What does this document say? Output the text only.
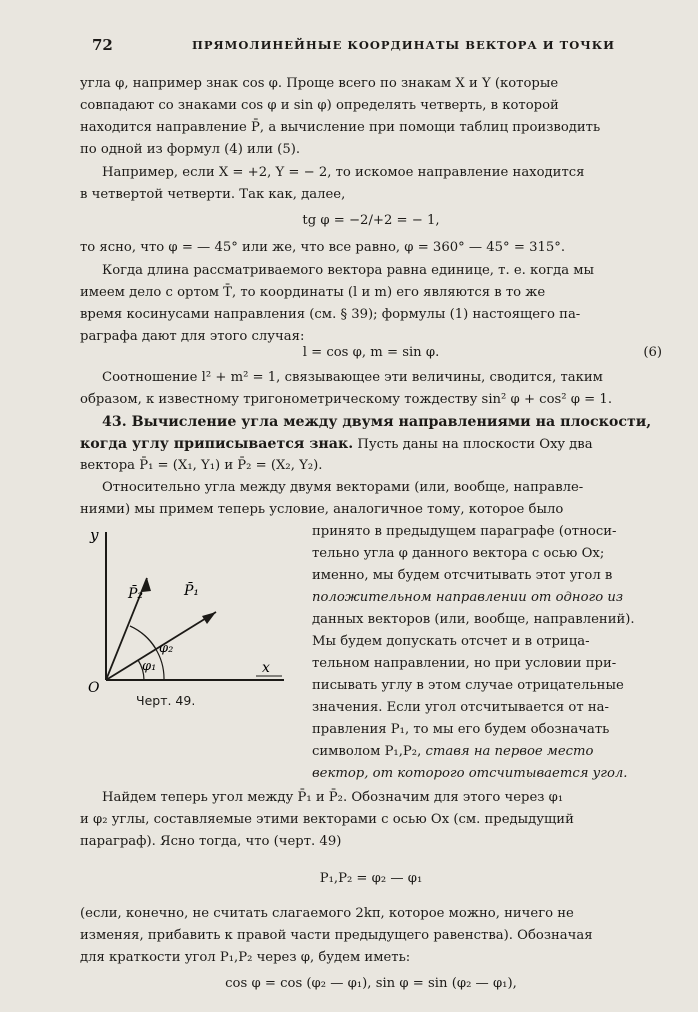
72	ПРЯМОЛИНЕЙНЫЕ КООРДИНАТЫ ВЕКТОРА И ТОЧКИ
угла φ, например знак cos φ. Проще всего по знакам X и Y (которые
совпадают со знаками cos φ и sin φ) определять четверть, в которой
находится направление P̄, а вычисление при помощи таблиц производить
по одной из формул (4) или (5).
Например, если X = +2, Y = − 2, то искомое направление находится
в четвертой четверти. Так как, далее,
tg φ = −2/+2 = − 1,
то ясно, что φ = — 45° или же, что все равно, φ = 360° — 45° = 315°.
Когда длина рассматриваемого вектора равна единице, т. е. когда мы
имеем дело с ортом T̄, то координаты (l и m) его являются в то же
время косинусами направления (см. § 39); формулы (1) настоящего па-
раграфа дают для этого случая:
l = cos φ, m = sin φ.	(6)
Соотношение l² + m² = 1, связывающее эти величины, сводится, таким
образом, к известному тригонометрическому тождеству sin² φ + cos² φ = 1.
43. Вычисление угла между двумя направлениями на плоскости,
когда углу приписывается знак. Пусть даны на плоскости Oxy два
вектора P̄₁ = (X₁, Y₁) и P̄₂ = (X₂, Y₂).
Относительно угла между двумя векторами (или, вообще, направле-
ниями) мы примем теперь условие, аналогичное тому, которое было
y
x
O
P̄₂	P̄₁
φ₁
φ₂
Черт. 49.
принято в предыдущем параграфе (относи-
тельно угла φ данного вектора с осью Ox;
именно, мы будем отсчитывать этот угол в
положительном направлении от одного из
данных векторов (или, вообще, направлений).
Мы будем допускать отсчет и в отрица-
тельном направлении, но при условии при-
писывать углу в этом случае отрицательные
значения. Если угол отсчитывается от на-
правления P₁, то мы его будем обозначать
символом P₁,P₂, ставя на первое место
вектор, от которого отсчитывается угол.
Найдем теперь угол между P̄₁ и P̄₂. Обозначим для этого через φ₁
и φ₂ углы, составляемые этими векторами с осью Ox (см. предыдущий
параграф). Ясно тогда, что (черт. 49)
P₁,P₂ = φ₂ — φ₁
(если, конечно, не считать слагаемого 2kπ, которое можно, ничего не
изменяя, прибавить к правой части предыдущего равенства). Обозначая
для краткости угол P₁,P₂ через φ, будем иметь:
cos φ = cos (φ₂ — φ₁), sin φ = sin (φ₂ — φ₁),
